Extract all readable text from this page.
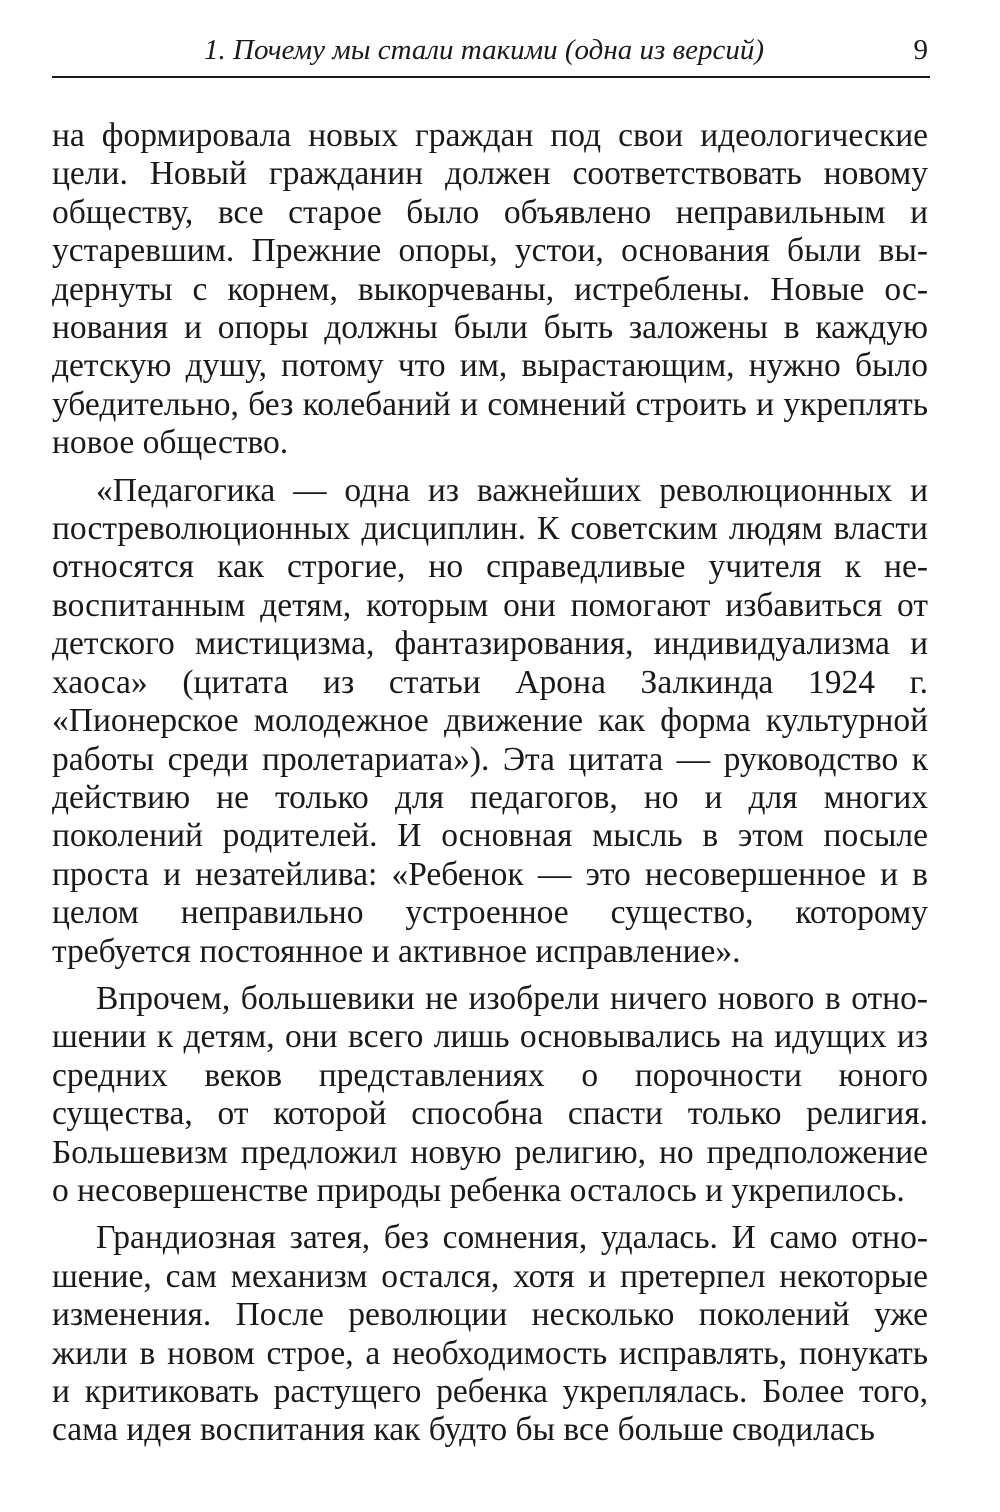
1. Почему мы стали такими (одна из версий)	9

на формировала новых граждан под свои идеологические цели. Новый гражданин должен соответствовать новому обществу, все старое было объявлено неправильным и устаревшим. Прежние опоры, устои, основания были выдернуты с корнем, выкорчеваны, истреблены. Новые основания и опоры должны были быть заложены в каждую детскую душу, потому что им, вырастающим, нужно было убедительно, без колебаний и сомнений строить и укреплять новое общество.

«Педагогика — одна из важнейших революционных и постреволюционных дисциплин. К советским людям власти относятся как строгие, но справедливые учителя к невоспитанным детям, которым они помогают избавиться от детского мистицизма, фантазирования, индивидуализма и хаоса» (цитата из статьи Арона Залкинда 1924 г. «Пионерское молодежное движение как форма культурной работы среди пролетариата»). Эта цитата — руководство к действию не только для педагогов, но и для многих поколений родителей. И основная мысль в этом посыле проста и незатейлива: «Ребенок — это несовершенное и в целом неправильно устроенное существо, которому требуется постоянное и активное исправление».

Впрочем, большевики не изобрели ничего нового в отношении к детям, они всего лишь основывались на идущих из средних веков представлениях о порочности юного существа, от которой способна спасти только религия. Большевизм предложил новую религию, но предположение о несовершенстве природы ребенка осталось и укрепилось.

Грандиозная затея, без сомнения, удалась. И само отношение, сам механизм остался, хотя и претерпел некоторые изменения. После революции несколько поколений уже жили в новом строе, а необходимость исправлять, понукать и критиковать растущего ребенка укреплялась. Более того, сама идея воспитания как будто бы все больше сводилась
